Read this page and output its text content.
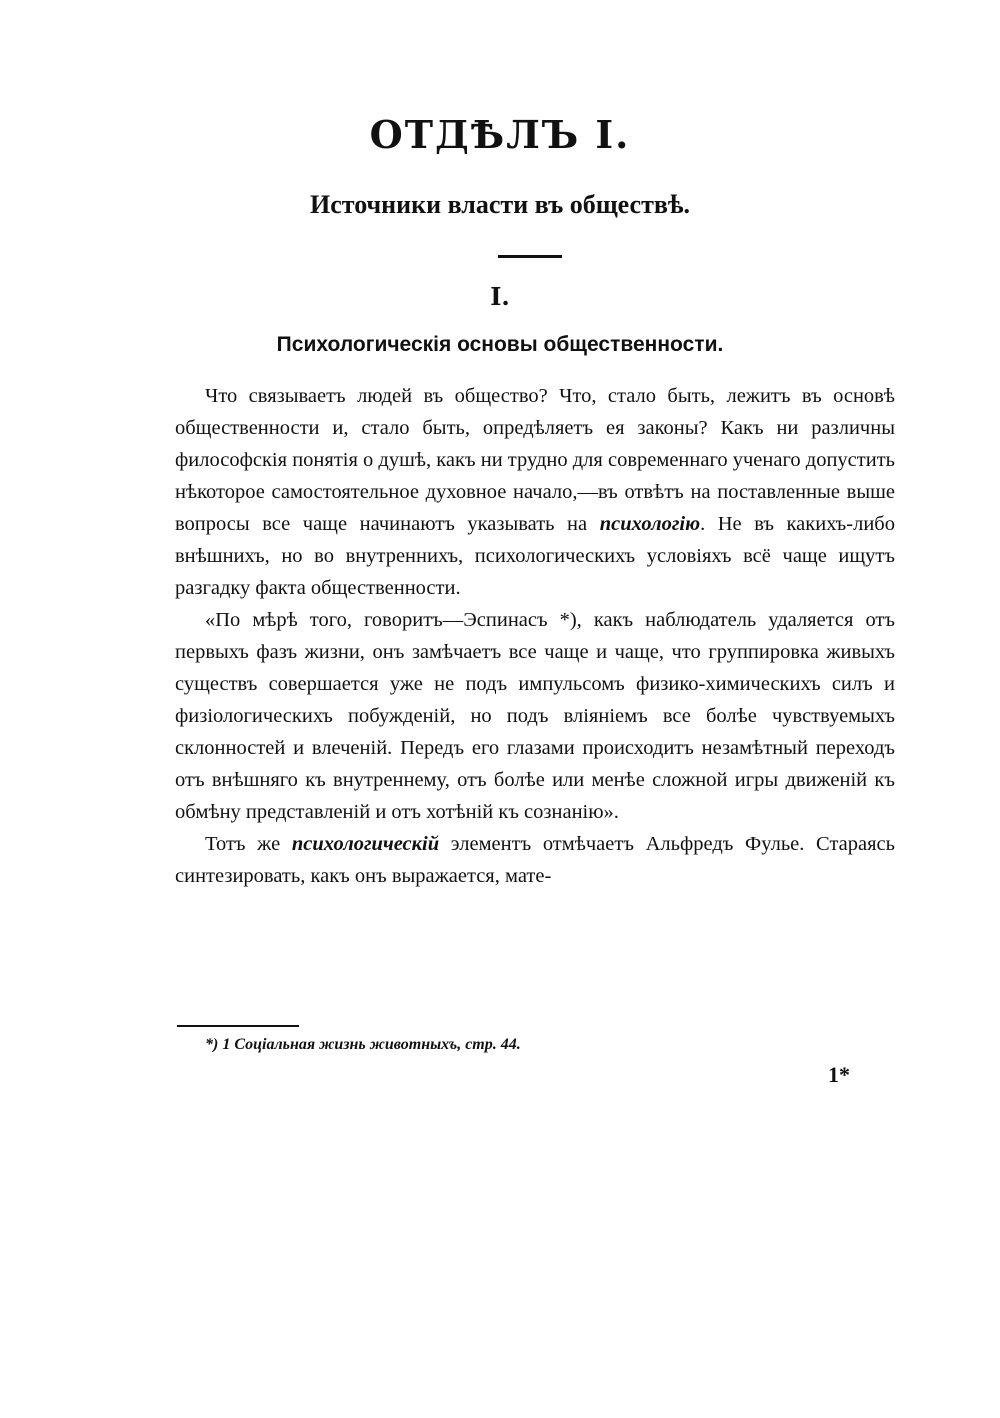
ОТДѢЛЪ I.
Источники власти въ обществѣ.
I.
Психологическія основы общественности.

Что связываетъ людей въ общество? Что, стало быть, лежитъ въ основѣ общественности и, стало быть, опредѣляетъ ея законы? Какъ ни различны философскія понятія о душѣ, какъ ни трудно для современнаго ученаго допустить нѣкоторое самостоятельное духовное начало,—въ отвѣтъ на поставленные выше вопросы все чаще начинаютъ указывать на психологію. Не въ какихъ-либо внѣшнихъ, но во внутреннихъ, психологическихъ условіяхъ всё чаще ищутъ разгадку факта общественности.

«По мѣрѣ того, говоритъ—Эспинасъ *), какъ наблюдатель удаляется отъ первыхъ фазъ жизни, онъ замѣчаетъ все чаще и чаще, что группировка живыхъ существъ совершается уже не подъ импульсомъ физико-химическихъ силъ и физіологическихъ побужденій, но подъ вліяніемъ все болѣе чувствуемыхъ склонностей и влеченій. Передъ его глазами происходитъ незамѣтный переходъ отъ внѣшняго къ внутреннему, отъ болѣе или менѣе сложной игры движеній къ обмѣну представленій и отъ хотѣній къ сознанію».

Тотъ же психологическій элементъ отмѣчаетъ Альфредъ Фулье. Стараясь синтезировать, какъ онъ выражается, мате-

*) 1 Соціальная жизнь животныхъ, стр. 44.
1*
